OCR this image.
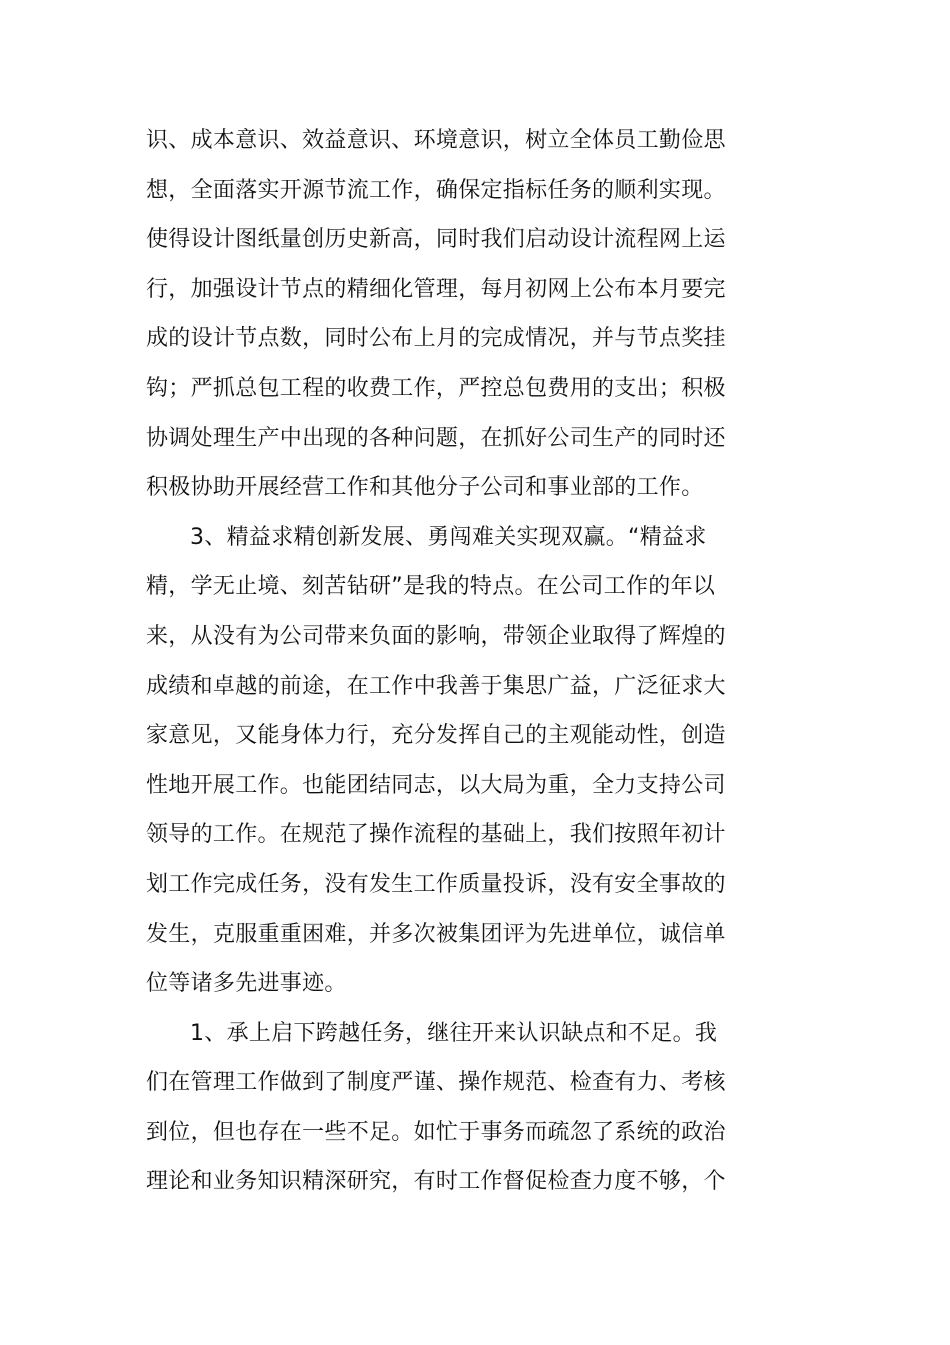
识、成本意识、效益意识、环境意识，树立全体员工勤俭思
想，全面落实开源节流工作，确保定指标任务的顺利实现。
使得设计图纸量创历史新高，同时我们启动设计流程网上运
行，加强设计节点的精细化管理，每月初网上公布本月要完
成的设计节点数，同时公布上月的完成情况，并与节点奖挂
钩；严抓总包工程的收费工作，严控总包费用的支出；积极
协调处理生产中出现的各种问题，在抓好公司生产的同时还
积极协助开展经营工作和其他分子公司和事业部的工作。
3、精益求精创新发展、勇闯难关实现双赢。“精益求
精，学无止境、刻苦钻研”是我的特点。在公司工作的年以
来，从没有为公司带来负面的影响，带领企业取得了辉煌的
成绩和卓越的前途，在工作中我善于集思广益，广泛征求大
家意见，又能身体力行，充分发挥自己的主观能动性，创造
性地开展工作。也能团结同志，以大局为重，全力支持公司
领导的工作。在规范了操作流程的基础上，我们按照年初计
划工作完成任务，没有发生工作质量投诉，没有安全事故的
发生，克服重重困难，并多次被集团评为先进单位，诚信单
位等诸多先进事迹。
1、承上启下跨越任务，继往开来认识缺点和不足。我
们在管理工作做到了制度严谨、操作规范、检查有力、考核
到位，但也存在一些不足。如忙于事务而疏忽了系统的政治
理论和业务知识精深研究，有时工作督促检查力度不够，个
